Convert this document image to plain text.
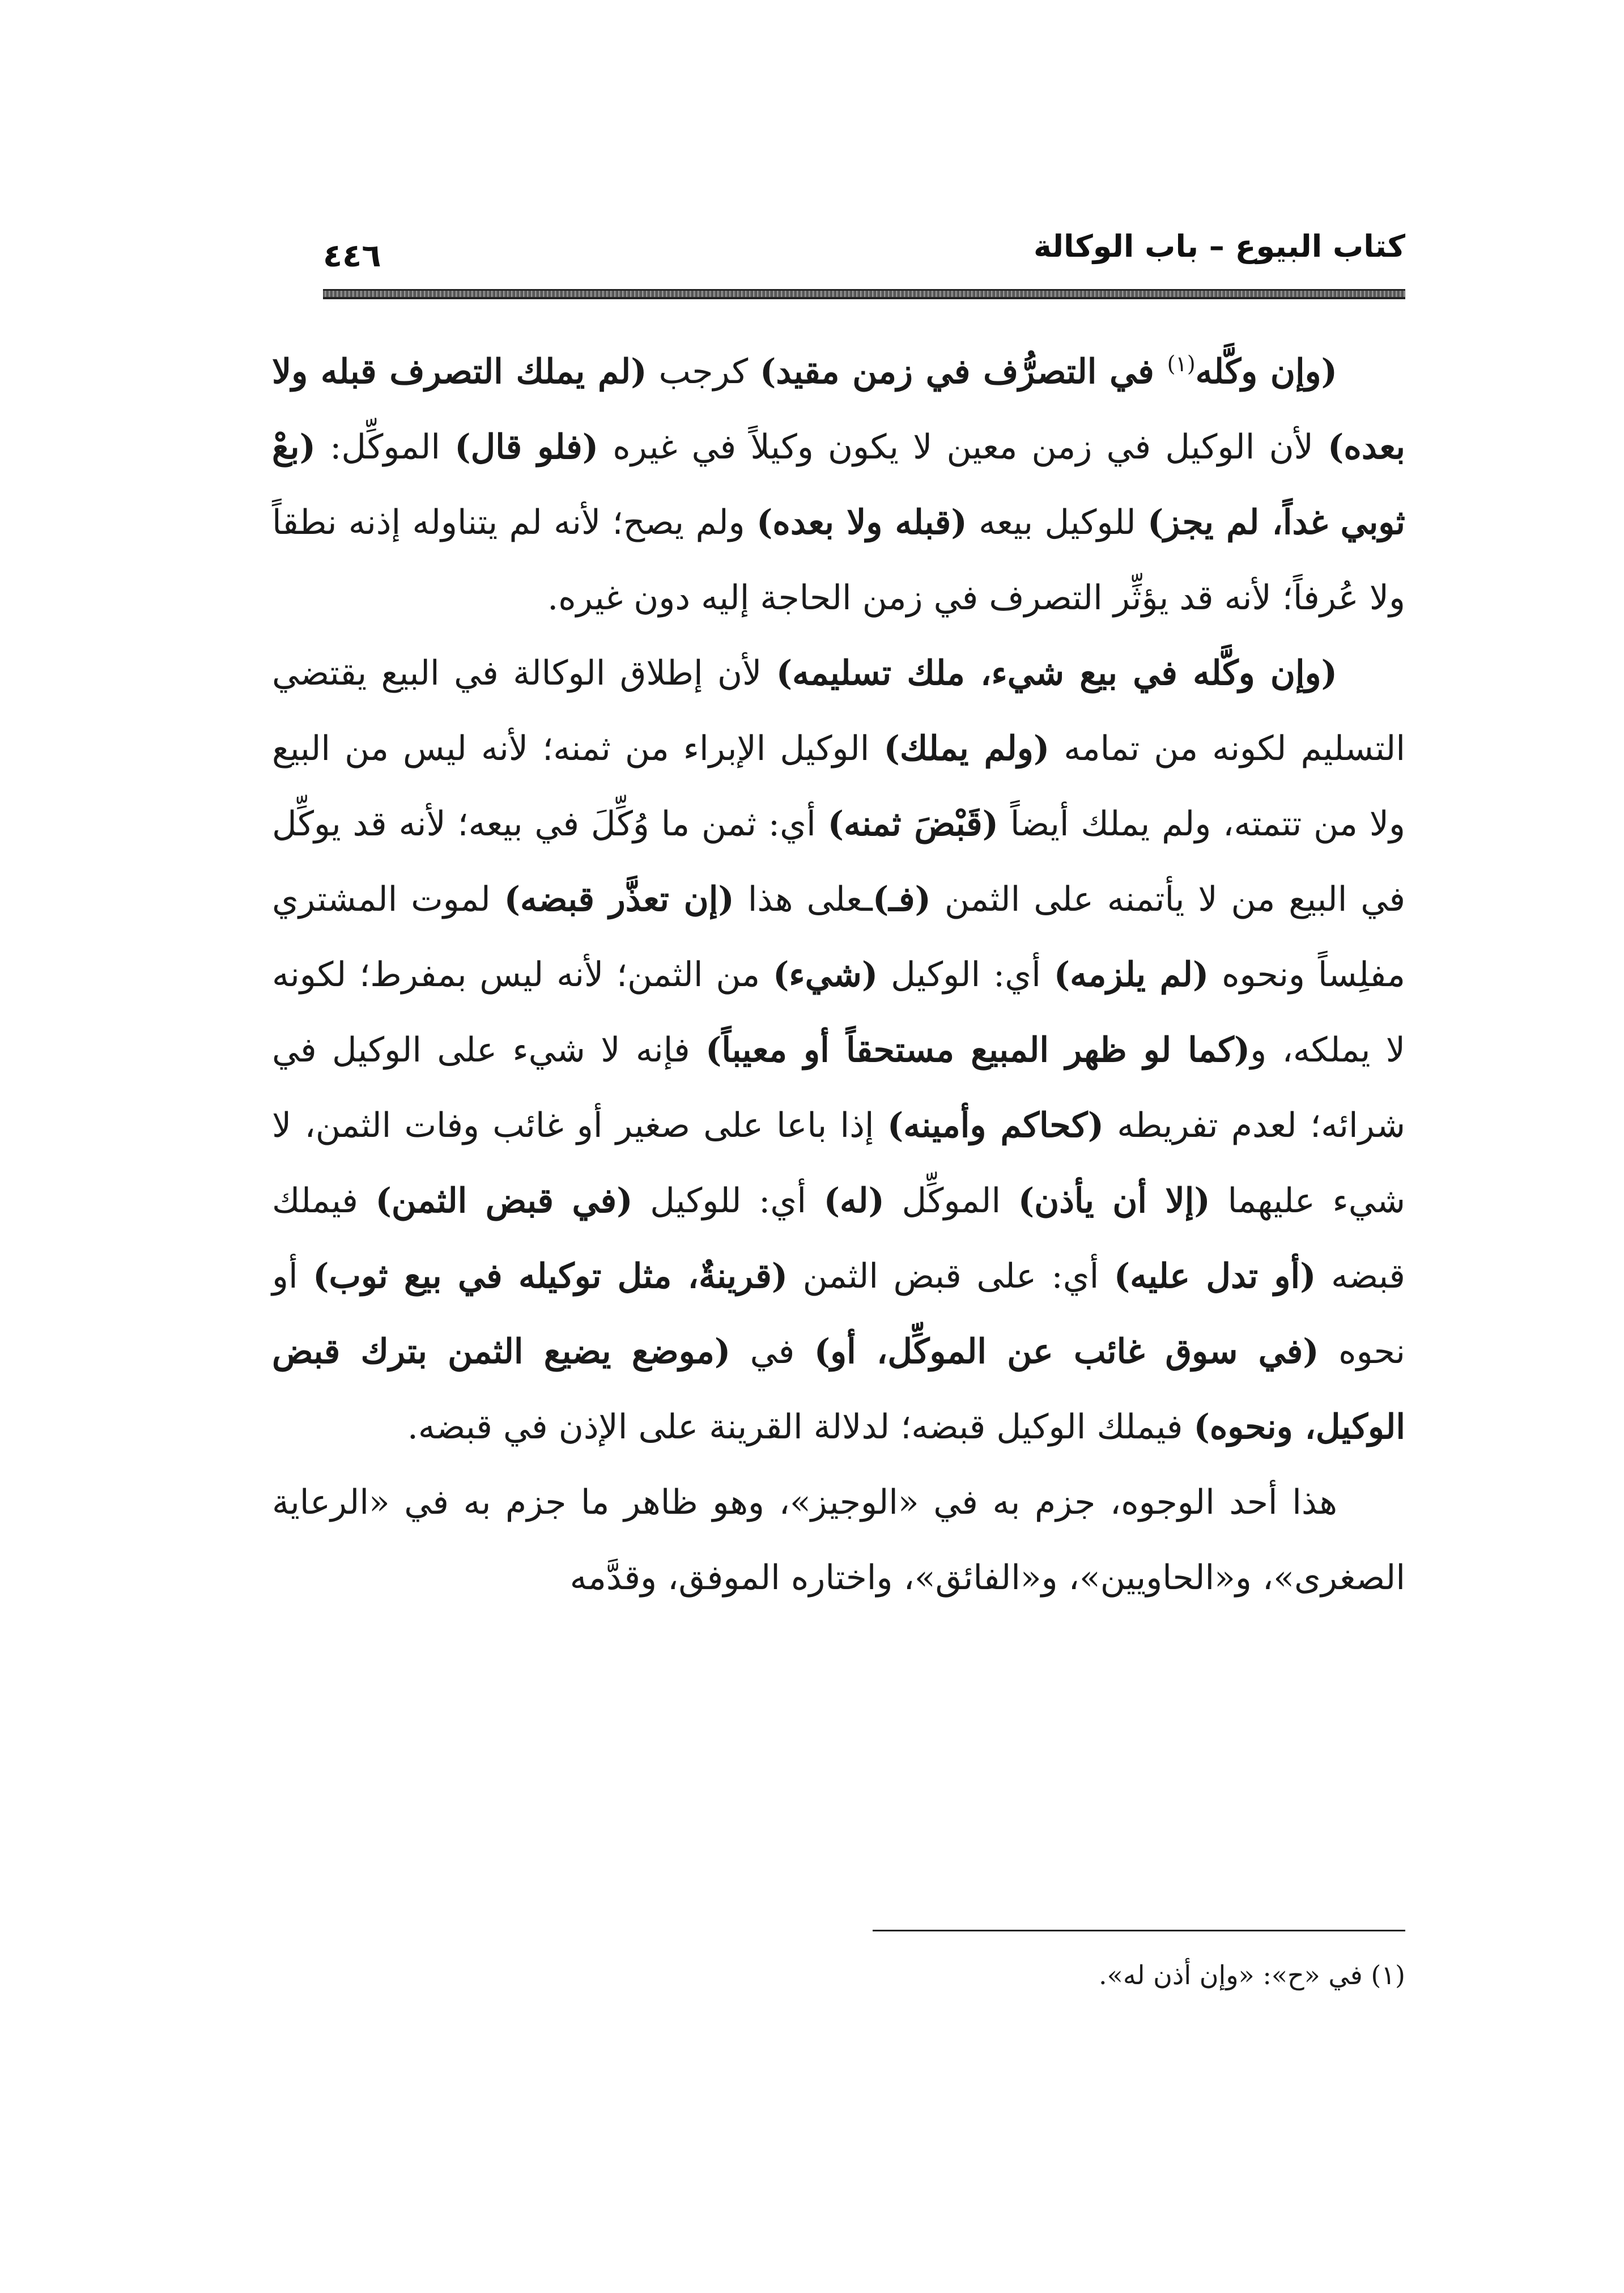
كتاب البيوع – باب الوكالة
٤٤٦

(وإن وكَّله$^{(١)}$ في التصرُّف في زمن مقيد) كرجب (لم يملك التصرف قبله ولا بعده) لأن الوكيل في زمن معين لا يكون وكيلاً في غيره (فلو قال) الموكِّل: (بعْ ثوبي غداً، لم يجز) للوكيل بيعه (قبله ولا بعده) ولم يصح؛ لأنه لم يتناوله إذنه نطقاً ولا عُرفاً؛ لأنه قد يؤثِّر التصرف في زمن الحاجة إليه دون غيره.

(وإن وكَّله في بيع شيء، ملك تسليمه) لأن إطلاق الوكالة في البيع يقتضي التسليم لكونه من تمامه (ولم يملك) الوكيل الإبراء من ثمنه؛ لأنه ليس من البيع ولا من تتمته، ولم يملك أيضاً (قَبْضَ ثمنه) أي: ثمن ما وُكِّلَ في بيعه؛ لأنه قد يوكِّل في البيع من لا يأتمنه على الثمن (فـ)ـعلى هذا (إن تعذَّر قبضه) لموت المشتري مفلِساً ونحوه (لم يلزمه) أي: الوكيل (شيء) من الثمن؛ لأنه ليس بمفرط؛ لكونه لا يملكه، و(كما لو ظهر المبيع مستحقاً أو معيباً) فإنه لا شيء على الوكيل في شرائه؛ لعدم تفريطه (كحاكم وأمينه) إذا باعا على صغير أو غائب وفات الثمن، لا شيء عليهما (إلا أن يأذن) الموكِّل (له) أي: للوكيل (في قبض الثمن) فيملك قبضه (أو تدل عليه) أي: على قبض الثمن (قرينةٌ، مثل توكيله في بيع ثوب) أو نحوه (في سوق غائب عن الموكِّل، أو) في (موضع يضيع الثمن بترك قبض الوكيل، ونحوه) فيملك الوكيل قبضه؛ لدلالة القرينة على الإذن في قبضه.

هذا أحد الوجوه، جزم به في «الوجيز»، وهو ظاهر ما جزم به في «الرعاية الصغرى»، و«الحاويين»، و«الفائق»، واختاره الموفق، وقدَّمه

(١) في «ح»: «وإن أذن له».
